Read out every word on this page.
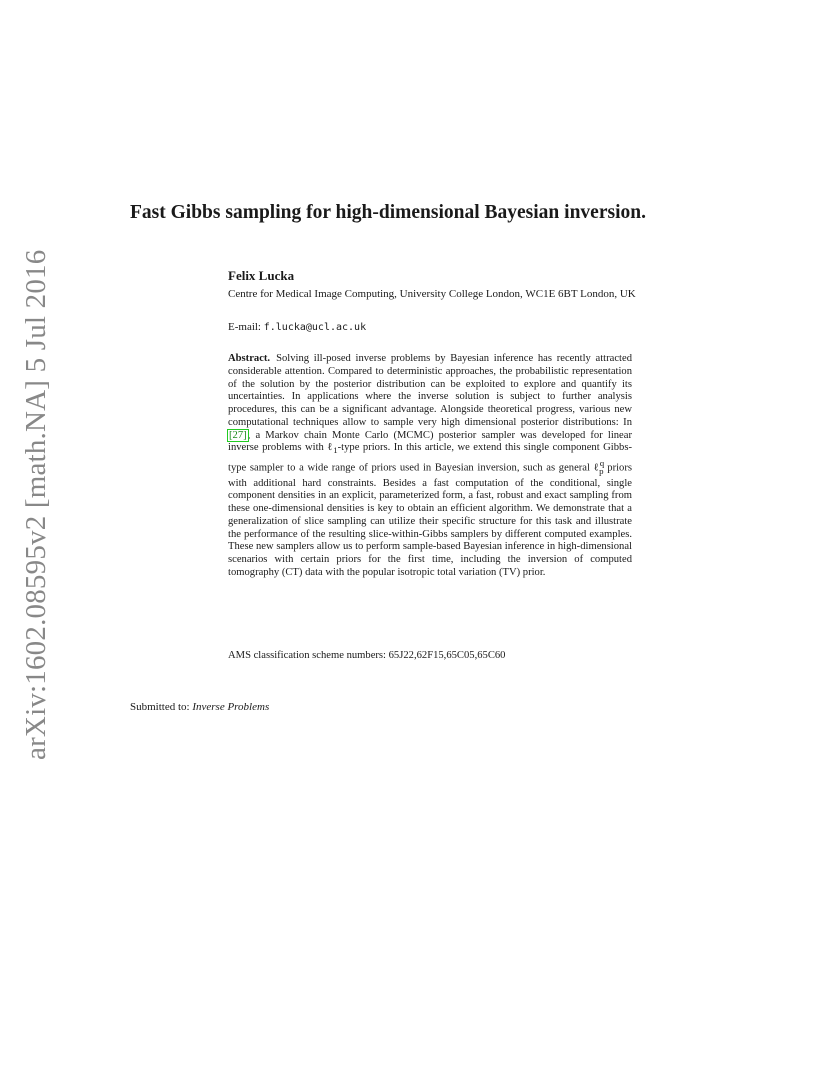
arXiv:1602.08595v2 [math.NA] 5 Jul 2016
Fast Gibbs sampling for high-dimensional Bayesian inversion.
Felix Lucka
Centre for Medical Image Computing, University College London, WC1E 6BT London, UK
E-mail: f.lucka@ucl.ac.uk
Abstract. Solving ill-posed inverse problems by Bayesian inference has recently attracted considerable attention. Compared to deterministic approaches, the probabilistic representation of the solution by the posterior distribution can be exploited to explore and quantify its uncertainties. In applications where the inverse solution is subject to further analysis procedures, this can be a significant advantage. Alongside theoretical progress, various new computational techniques allow to sample very high dimensional posterior distributions: In [27], a Markov chain Monte Carlo (MCMC) posterior sampler was developed for linear inverse problems with ℓ$_1$-type priors. In this article, we extend this single component Gibbs-type sampler to a wide range of priors used in Bayesian inversion, such as general ℓ$^q_p$ priors with additional hard constraints. Besides a fast computation of the conditional, single component densities in an explicit, parameterized form, a fast, robust and exact sampling from these one-dimensional densities is key to obtain an efficient algorithm. We demonstrate that a generalization of slice sampling can utilize their specific structure for this task and illustrate the performance of the resulting slice-within-Gibbs samplers by different computed examples. These new samplers allow us to perform sample-based Bayesian inference in high-dimensional scenarios with certain priors for the first time, including the inversion of computed tomography (CT) data with the popular isotropic total variation (TV) prior.
AMS classification scheme numbers: 65J22,62F15,65C05,65C60
Submitted to: Inverse Problems
